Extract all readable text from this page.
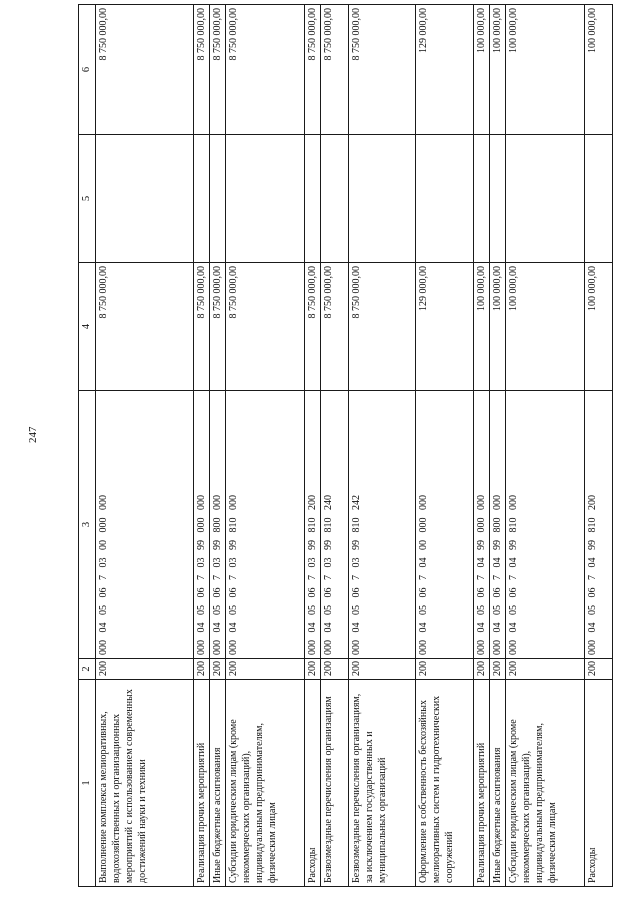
247
1	2	3	4	5	6
Выполнение комплекса мелиоративных, водохозяйственных и организационных мероприятий с использованием современных достижений науки и техники	200	000 04 05 06 7 03 00 000 000	8 750 000,00		8 750 000,00
Реализация прочих мероприятий	200	000 04 05 06 7 03 99 000 000	8 750 000,00		8 750 000,00
Иные бюджетные ассигнования	200	000 04 05 06 7 03 99 800 000	8 750 000,00		8 750 000,00
Субсидии юридическим лицам (кроме некоммерческих организаций), индивидуальным предпринимателям, физическим лицам	200	000 04 05 06 7 03 99 810 000	8 750 000,00		8 750 000,00
Расходы	200	000 04 05 06 7 03 99 810 200	8 750 000,00		8 750 000,00
Безвозмездные перечисления организациям	200	000 04 05 06 7 03 99 810 240	8 750 000,00		8 750 000,00
Безвозмездные перечисления организациям, за исключением государственных и муниципальных организаций	200	000 04 05 06 7 03 99 810 242	8 750 000,00		8 750 000,00
Оформление в собственность бесхозяйных мелиоративных систем и гидротехнических сооружений	200	000 04 05 06 7 04 00 000 000	129 000,00		129 000,00
Реализация прочих мероприятий	200	000 04 05 06 7 04 99 000 000	100 000,00		100 000,00
Иные бюджетные ассигнования	200	000 04 05 06 7 04 99 800 000	100 000,00		100 000,00
Субсидии юридическим лицам (кроме некоммерческих организаций), индивидуальным предпринимателям, физическим лицам	200	000 04 05 06 7 04 99 810 000	100 000,00		100 000,00
Расходы	200	000 04 05 06 7 04 99 810 200	100 000,00		100 000,00
